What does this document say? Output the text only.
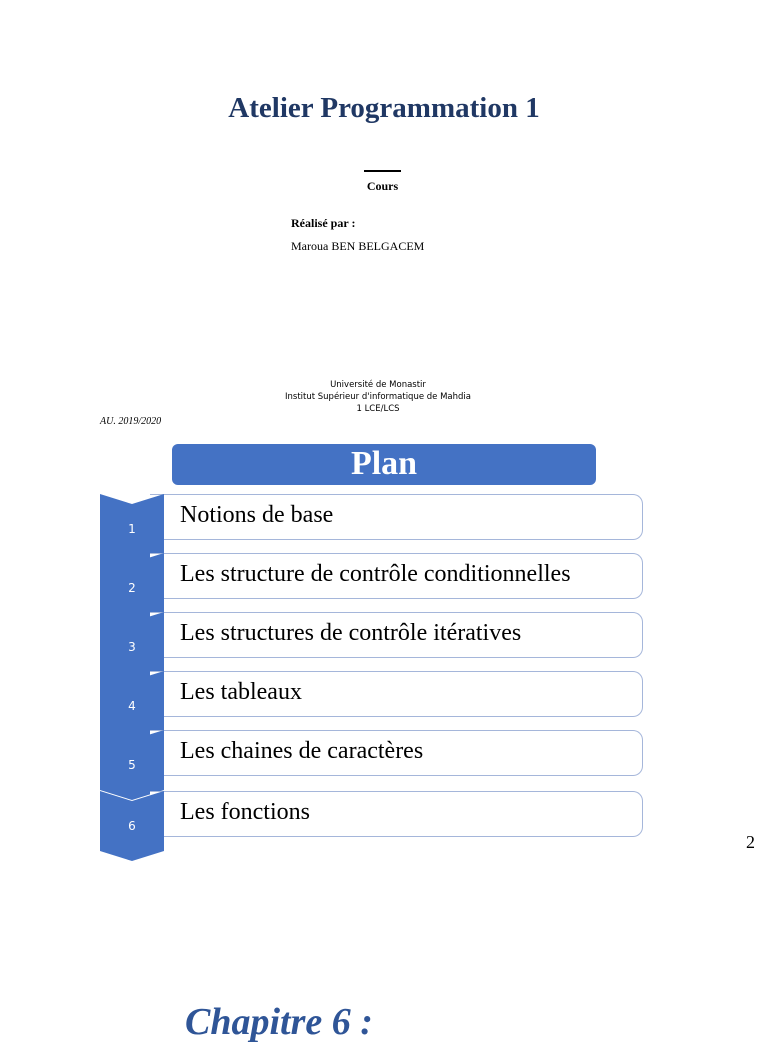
Atelier Programmation 1
Cours
Réalisé par :
Maroua BEN BELGACEM
Université de Monastir
Institut Supérieur d'informatique de Mahdia
1 LCE/LCS
AU. 2019/2020
Plan
Notions de base
1
Les structure de contrôle conditionnelles
2
Les structures de contrôle itératives
3
Les tableaux
4
Les chaines de caractères
5
Les fonctions
6
2
Chapitre 6 :
